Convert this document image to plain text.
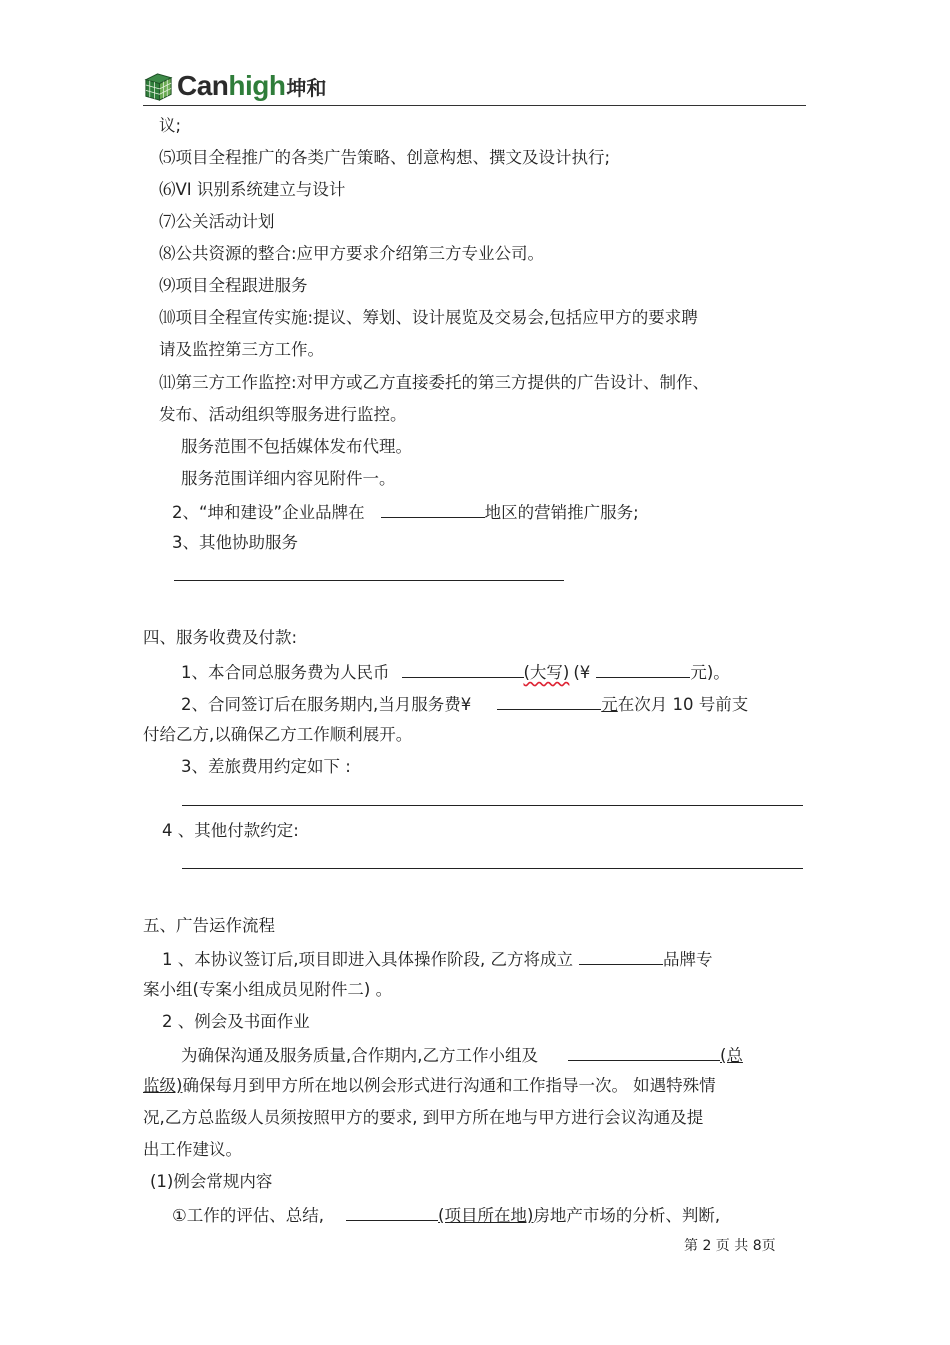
Canhigh 坤和
议;
⑸项目全程推广的各类广告策略、创意构想、撰文及设计执行;
⑹VI 识别系统建立与设计
⑺公关活动计划
⑻公共资源的整合:应甲方要求介绍第三方专业公司。
⑼项目全程跟进服务
⑽项目全程宣传实施:提议、筹划、设计展览及交易会,包括应甲方的要求聘
请及监控第三方工作。
⑾第三方工作监控:对甲方或乙方直接委托的第三方提供的广告设计、制作、
发布、活动组织等服务进行监控。
服务范围不包括媒体发布代理。
服务范围详细内容见附件一。
2、“坤和建设”企业品牌在	地区的营销推广服务;
3、其他协助服务
四、服务收费及付款:
1、本合同总服务费为人民币	(大写) (¥	元)。
2、合同签订后在服务期内,当月服务费¥	元在次月 10 号前支
付给乙方,以确保乙方工作顺利展开。
3、差旅费用约定如下 :
4 、其他付款约定:
五、广告运作流程
1 、本协议签订后,项目即进入具体操作阶段, 乙方将成立	品牌专
案小组(专案小组成员见附件二) 。
2 、例会及书面作业
为确保沟通及服务质量,合作期内,乙方工作小组及	(总
监级)确保每月到甲方所在地以例会形式进行沟通和工作指导一次。 如遇特殊情
况,乙方总监级人员须按照甲方的要求, 到甲方所在地与甲方进行会议沟通及提
出工作建议。
(1)例会常规内容
①工作的评估、总结,	(项目所在地)房地产市场的分析、判断,
第 2 页 共 8页
